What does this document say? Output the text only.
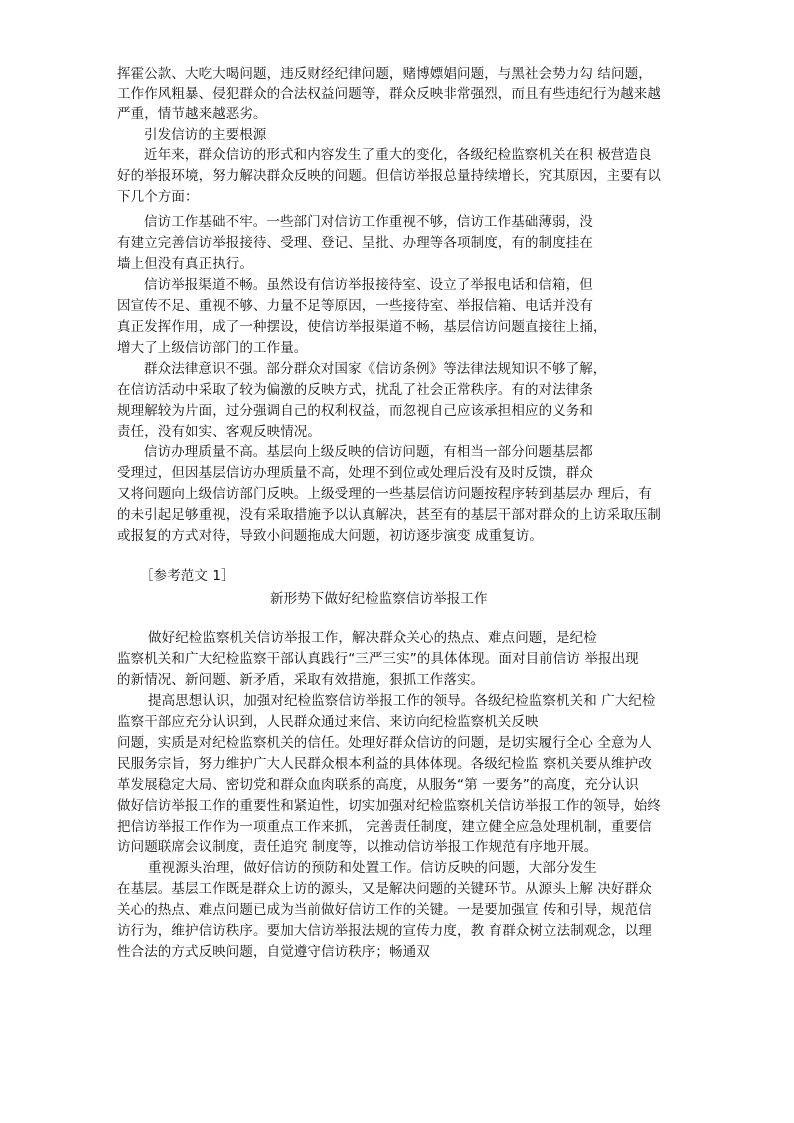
挥霍公款、大吃大喝问题，违反财经纪律问题，赌博嫖娼问题，与黑社会势力勾 结问题，
工作作风粗暴、侵犯群众的合法权益问题等，群众反映非常强烈，而且有些违纪行为越来越
严重，情节越来越恶劣。
引发信访的主要根源
近年来，群众信访的形式和内容发生了重大的变化，各级纪检监察机关在积 极营造良
好的举报环境，努力解决群众反映的问题。但信访举报总量持续增长，究其原因，主要有以
下几个方面：
信访工作基础不牢。一些部门对信访工作重视不够，信访工作基础薄弱，没
有建立完善信访举报接待、受理、登记、呈批、办理等各项制度，有的制度挂在
墙上但没有真正执行。
信访举报渠道不畅。虽然设有信访举报接待室、设立了举报电话和信箱，但
因宣传不足、重视不够、力量不足等原因，一些接待室、举报信箱、电话并没有
真正发挥作用，成了一种摆设，使信访举报渠道不畅，基层信访问题直接往上捅，
增大了上级信访部门的工作量。
群众法律意识不强。部分群众对国家《信访条例》等法律法规知识不够了解，
在信访活动中采取了较为偏激的反映方式，扰乱了社会正常秩序。有的对法律条
规理解较为片面，过分强调自己的权利权益，而忽视自己应该承担相应的义务和
责任，没有如实、客观反映情况。
信访办理质量不高。基层向上级反映的信访问题，有相当一部分问题基层都
受理过，但因基层信访办理质量不高，处理不到位或处理后没有及时反馈，群众
又将问题向上级信访部门反映。上级受理的一些基层信访问题按程序转到基层办 理后，有
的未引起足够重视，没有采取措施予以认真解决，甚至有的基层干部对群众的上访采取压制
或报复的方式对待，导致小问题拖成大问题，初访逐步演变 成重复访。
［参考范文 1］
新形势下做好纪检监察信访举报工作
做好纪检监察机关信访举报工作，解决群众关心的热点、难点问题，是纪检
监察机关和广大纪检监察干部认真践行“三严三实”的具体体现。面对目前信访 举报出现
的新情况、新问题、新矛盾，采取有效措施，狠抓工作落实。
提高思想认识，加强对纪检监察信访举报工作的领导。各级纪检监察机关和 广大纪检
监察干部应充分认识到，人民群众通过来信、来访向纪检监察机关反映
问题，实质是对纪检监察机关的信任。处理好群众信访的问题，是切实履行全心 全意为人
民服务宗旨，努力维护广大人民群众根本利益的具体体现。各级纪检监 察机关要从维护改
革发展稳定大局、密切党和群众血肉联系的高度，从服务“第 一要务”的高度，充分认识
做好信访举报工作的重要性和紧迫性，切实加强对纪检监察机关信访举报工作的领导，始终
把信访举报工作作为一项重点工作来抓， 完善责任制度，建立健全应急处理机制，重要信
访问题联席会议制度，责任追究 制度等，以推动信访举报工作规范有序地开展。
重视源头治理，做好信访的预防和处置工作。信访反映的问题，大部分发生
在基层。基层工作既是群众上访的源头，又是解决问题的关键环节。从源头上解 决好群众
关心的热点、难点问题已成为当前做好信访工作的关键。一是要加强宣 传和引导，规范信
访行为，维护信访秩序。要加大信访举报法规的宣传力度，教 育群众树立法制观念，以理
性合法的方式反映问题，自觉遵守信访秩序；畅通双
